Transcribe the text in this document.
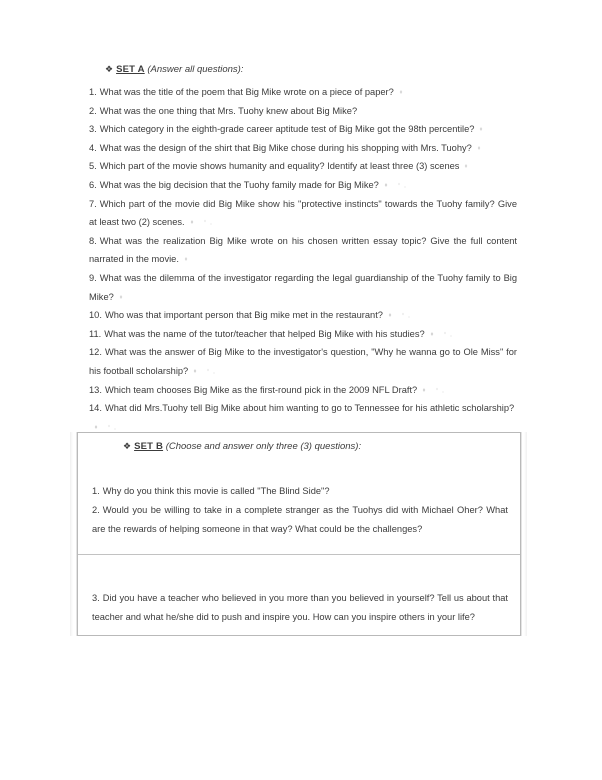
❖ SET A (Answer all questions):

1. What was the title of the poem that Big Mike wrote on a piece of paper?
2. What was the one thing that Mrs. Tuohy knew about Big Mike?
3. Which category in the eighth-grade career aptitude test of Big Mike got the 98th percentile?
4. What was the design of the shirt that Big Mike chose during his shopping with Mrs. Tuohy?
5. Which part of the movie shows humanity and equality? Identify at least three (3) scenes
6. What was the big decision that the Tuohy family made for Big Mike?
7. Which part of the movie did Big Mike show his "protective instincts" towards the Tuohy family? Give at least two (2) scenes.
8. What was the realization Big Mike wrote on his chosen written essay topic? Give the full content narrated in the movie.
9. What was the dilemma of the investigator regarding the legal guardianship of the Tuohy family to Big Mike?
10. Who was that important person that Big mike met in the restaurant?
11. What was the name of the tutor/teacher that helped Big Mike with his studies?
12. What was the answer of Big Mike to the investigator's question, "Why he wanna go to Ole Miss" for his football scholarship?
13. Which team chooses Big Mike as the first-round pick in the 2009 NFL Draft?
14. What did Mrs.Tuohy tell Big Mike about him wanting to go to Tennessee for his athletic scholarship?

❖ SET B (Choose and answer only three (3) questions):

1. Why do you think this movie is called "The Blind Side"?
2. Would you be willing to take in a complete stranger as the Tuohys did with Michael Oher? What are the rewards of helping someone in that way? What could be the challenges?
3. Did you have a teacher who believed in you more than you believed in yourself? Tell us about that teacher and what he/she did to push and inspire you. How can you inspire others in your life?
